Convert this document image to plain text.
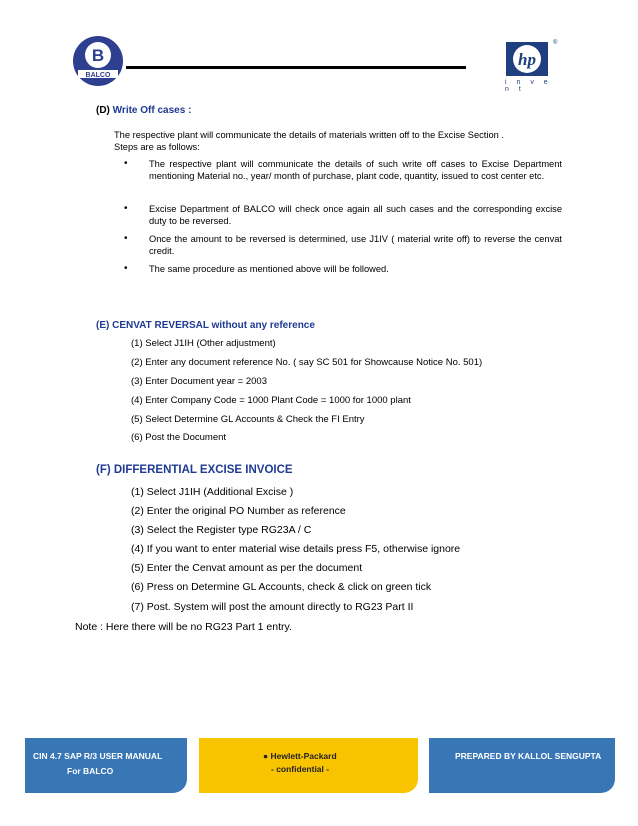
B
BALCO
hp
®
i n v e n t
(D) Write Off cases :
The respective plant will communicate the details of materials written off to the Excise Section .
Steps are as follows:
• The respective plant will communicate the details of such write off cases to Excise Department mentioning Material no., year/ month of purchase, plant code, quantity, issued to cost center etc.
• Excise Department of BALCO will check once again all such cases and the corresponding excise duty to be reversed.
• Once the amount to be reversed is determined, use J1IV ( material write off) to reverse the cenvat credit.
• The same procedure as mentioned above will be followed.
(E) CENVAT REVERSAL without any reference
(1) Select J1IH (Other adjustment)
(2) Enter any document reference No. ( say SC 501 for Showcause Notice No. 501)
(3) Enter Document year = 2003
(4) Enter Company Code = 1000 Plant Code = 1000 for 1000 plant
(5) Select Determine GL Accounts & Check the FI Entry
(6) Post the Document
(F) DIFFERENTIAL EXCISE INVOICE
(1) Select J1IH (Additional Excise )
(2) Enter the original PO Number as reference
(3) Select the Register type RG23A / C
(4) If you want to enter material wise details press F5, otherwise ignore
(5) Enter the Cenvat amount as per the document
(6) Press on Determine GL Accounts, check & click on green tick
(7) Post. System will post the amount directly to RG23 Part II
Note : Here there will be no RG23 Part 1 entry.
CIN 4.7 SAP R/3 USER MANUAL
For BALCO
● Hewlett-Packard
- confidential -
PREPARED BY KALLOL SENGUPTA
